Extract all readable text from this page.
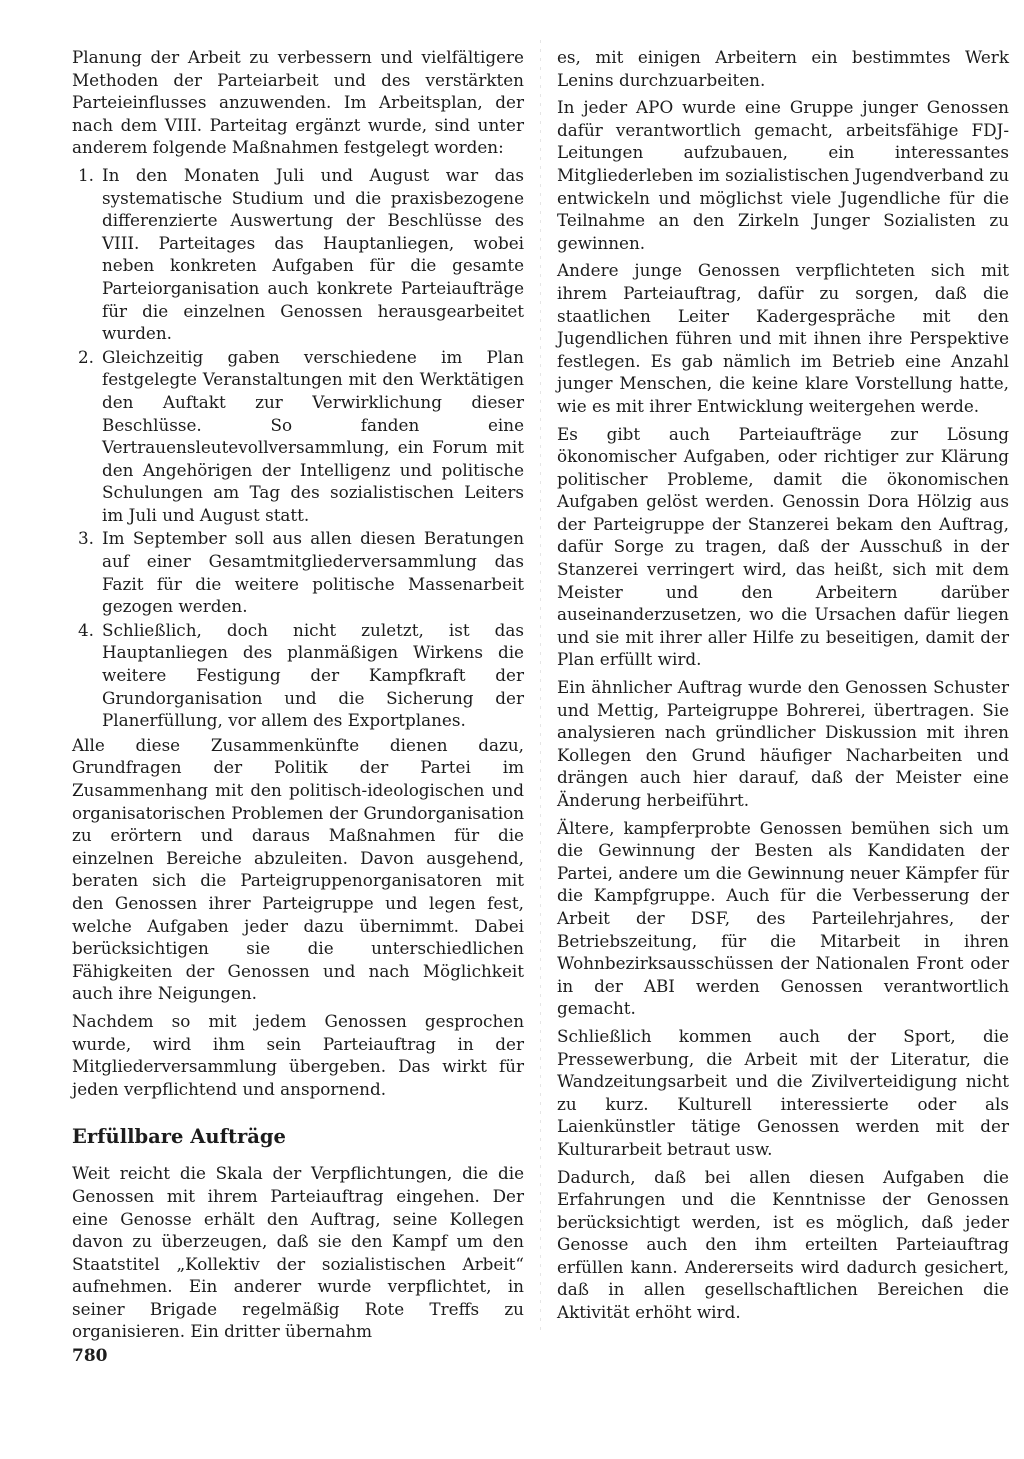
Planung der Arbeit zu verbessern und vielfältigere Methoden der Parteiarbeit und des verstärkten Parteieinflusses anzuwenden. Im Arbeitsplan, der nach dem VIII. Parteitag ergänzt wurde, sind unter anderem folgende Maßnahmen festgelegt worden:

1. In den Monaten Juli und August war das systematische Studium und die praxisbezogene differenzierte Auswertung der Beschlüsse des VIII. Parteitages das Hauptanliegen, wobei neben konkreten Aufgaben für die gesamte Parteiorganisation auch konkrete Parteiaufträge für die einzelnen Genossen herausgearbeitet wurden.
2. Gleichzeitig gaben verschiedene im Plan festgelegte Veranstaltungen mit den Werktätigen den Auftakt zur Verwirklichung dieser Beschlüsse. So fanden eine Vertrauensleutevollversammlung, ein Forum mit den Angehörigen der Intelligenz und politische Schulungen am Tag des sozialistischen Leiters im Juli und August statt.
3. Im September soll aus allen diesen Beratungen auf einer Gesamtmitgliederversammlung das Fazit für die weitere politische Massenarbeit gezogen werden.
4. Schließlich, doch nicht zuletzt, ist das Hauptanliegen des planmäßigen Wirkens die weitere Festigung der Kampfkraft der Grundorganisation und die Sicherung der Planerfüllung, vor allem des Exportplanes.

Alle diese Zusammenkünfte dienen dazu, Grundfragen der Politik der Partei im Zusammenhang mit den politisch-ideologischen und organisatorischen Problemen der Grundorganisation zu erörtern und daraus Maßnahmen für die einzelnen Bereiche abzuleiten. Davon ausgehend, beraten sich die Parteigruppenorganisatoren mit den Genossen ihrer Parteigruppe und legen fest, welche Aufgaben jeder dazu übernimmt. Dabei berücksichtigen sie die unterschiedlichen Fähigkeiten der Genossen und nach Möglichkeit auch ihre Neigungen.

Nachdem so mit jedem Genossen gesprochen wurde, wird ihm sein Parteiauftrag in der Mitgliederversammlung übergeben. Das wirkt für jeden verpflichtend und anspornend.

Erfüllbare Aufträge

Weit reicht die Skala der Verpflichtungen, die die Genossen mit ihrem Parteiauftrag eingehen. Der eine Genosse erhält den Auftrag, seine Kollegen davon zu überzeugen, daß sie den Kampf um den Staatstitel „Kollektiv der sozialistischen Arbeit“ aufnehmen. Ein anderer wurde verpflichtet, in seiner Brigade regelmäßig Rote Treffs zu organisieren. Ein dritter übernahm

es, mit einigen Arbeitern ein bestimmtes Werk Lenins durchzuarbeiten.

In jeder APO wurde eine Gruppe junger Genossen dafür verantwortlich gemacht, arbeitsfähige FDJ-Leitungen aufzubauen, ein interessantes Mitgliederleben im sozialistischen Jugendverband zu entwickeln und möglichst viele Jugendliche für die Teilnahme an den Zirkeln Junger Sozialisten zu gewinnen.

Andere junge Genossen verpflichteten sich mit ihrem Parteiauftrag, dafür zu sorgen, daß die staatlichen Leiter Kadergespräche mit den Jugendlichen führen und mit ihnen ihre Perspektive festlegen. Es gab nämlich im Betrieb eine Anzahl junger Menschen, die keine klare Vorstellung hatte, wie es mit ihrer Entwicklung weitergehen werde.

Es gibt auch Parteiaufträge zur Lösung ökonomischer Aufgaben, oder richtiger zur Klärung politischer Probleme, damit die ökonomischen Aufgaben gelöst werden. Genossin Dora Hölzig aus der Parteigruppe der Stanzerei bekam den Auftrag, dafür Sorge zu tragen, daß der Ausschuß in der Stanzerei verringert wird, das heißt, sich mit dem Meister und den Arbeitern darüber auseinanderzusetzen, wo die Ursachen dafür liegen und sie mit ihrer aller Hilfe zu beseitigen, damit der Plan erfüllt wird.

Ein ähnlicher Auftrag wurde den Genossen Schuster und Mettig, Parteigruppe Bohrerei, übertragen. Sie analysieren nach gründlicher Diskussion mit ihren Kollegen den Grund häufiger Nacharbeiten und drängen auch hier darauf, daß der Meister eine Änderung herbeiführt.

Ältere, kampferprobte Genossen bemühen sich um die Gewinnung der Besten als Kandidaten der Partei, andere um die Gewinnung neuer Kämpfer für die Kampfgruppe. Auch für die Verbesserung der Arbeit der DSF, des Parteilehrjahres, der Betriebszeitung, für die Mitarbeit in ihren Wohnbezirksausschüssen der Nationalen Front oder in der ABI werden Genossen verantwortlich gemacht.

Schließlich kommen auch der Sport, die Pressewerbung, die Arbeit mit der Literatur, die Wandzeitungsarbeit und die Zivilverteidigung nicht zu kurz. Kulturell interessierte oder als Laienkünstler tätige Genossen werden mit der Kulturarbeit betraut usw.

Dadurch, daß bei allen diesen Aufgaben die Erfahrungen und die Kenntnisse der Genossen berücksichtigt werden, ist es möglich, daß jeder Genosse auch den ihm erteilten Parteiauftrag erfüllen kann. Andererseits wird dadurch gesichert, daß in allen gesellschaftlichen Bereichen die Aktivität erhöht wird.

780
